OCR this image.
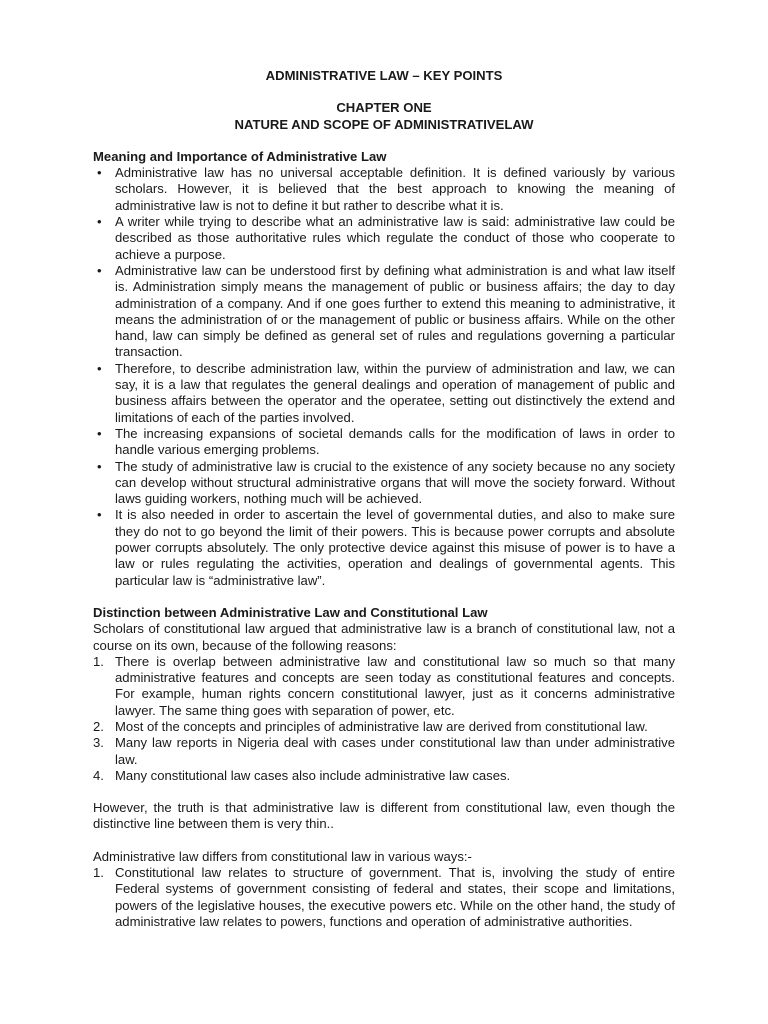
ADMINISTRATIVE LAW – KEY POINTS

CHAPTER ONE

NATURE AND SCOPE OF ADMINISTRATIVELAW

Meaning and Importance of Administrative Law

• Administrative law has no universal acceptable definition. It is defined variously by various scholars. However, it is believed that the best approach to knowing the meaning of administrative law is not to define it but rather to describe what it is.
• A writer while trying to describe what an administrative law is said: administrative law could be described as those authoritative rules which regulate the conduct of those who cooperate to achieve a purpose.
• Administrative law can be understood first by defining what administration is and what law itself is. Administration simply means the management of public or business affairs; the day to day administration of a company. And if one goes further to extend this meaning to administrative, it means the administration of or the management of public or business affairs. While on the other hand, law can simply be defined as general set of rules and regulations governing a particular transaction.
• Therefore, to describe administration law, within the purview of administration and law, we can say, it is a law that regulates the general dealings and operation of management of public and business affairs between the operator and the operatee, setting out distinctively the extend and limitations of each of the parties involved.
• The increasing expansions of societal demands calls for the modification of laws in order to handle various emerging problems.
• The study of administrative law is crucial to the existence of any society because no any society can develop without structural administrative organs that will move the society forward. Without laws guiding workers, nothing much will be achieved.
• It is also needed in order to ascertain the level of governmental duties, and also to make sure they do not to go beyond the limit of their powers. This is because power corrupts and absolute power corrupts absolutely. The only protective device against this misuse of power is to have a law or rules regulating the activities, operation and dealings of governmental agents. This particular law is “administrative law”.

Distinction between Administrative Law and Constitutional Law

Scholars of constitutional law argued that administrative law is a branch of constitutional law, not a course on its own, because of the following reasons:

1. There is overlap between administrative law and constitutional law so much so that many administrative features and concepts are seen today as constitutional features and concepts. For example, human rights concern constitutional lawyer, just as it concerns administrative lawyer. The same thing goes with separation of power, etc.
2. Most of the concepts and principles of administrative law are derived from constitutional law.
3. Many law reports in Nigeria deal with cases under constitutional law than under administrative law.
4. Many constitutional law cases also include administrative law cases.

However, the truth is that administrative law is different from constitutional law, even though the distinctive line between them is very thin..

Administrative law differs from constitutional law in various ways:-

1. Constitutional law relates to structure of government. That is, involving the study of entire Federal systems of government consisting of federal and states, their scope and limitations, powers of the legislative houses, the executive powers etc. While on the other hand, the study of administrative law relates to powers, functions and operation of administrative authorities.
